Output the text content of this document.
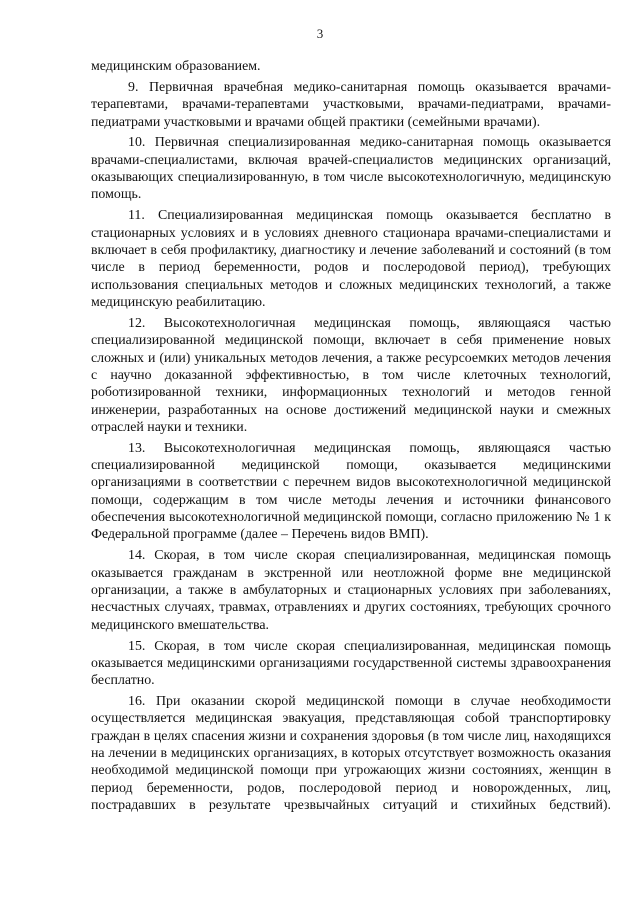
3

медицинским образованием.

9. Первичная врачебная медико-санитарная помощь оказывается врачами-терапевтами, врачами-терапевтами участковыми, врачами-педиатрами, врачами-педиатрами участковыми и врачами общей практики (семейными врачами).

10. Первичная специализированная медико-санитарная помощь оказывается врачами-специалистами, включая врачей-специалистов медицинских организаций, оказывающих специализированную, в том числе высокотехнологичную, медицинскую помощь.

11. Специализированная медицинская помощь оказывается бесплатно в стационарных условиях и в условиях дневного стационара врачами-специалистами и включает в себя профилактику, диагностику и лечение заболеваний и состояний (в том числе в период беременности, родов и послеродовой период), требующих использования специальных методов и сложных медицинских технологий, а также медицинскую реабилитацию.

12. Высокотехнологичная медицинская помощь, являющаяся частью специализированной медицинской помощи, включает в себя применение новых сложных и (или) уникальных методов лечения, а также ресурсоемких методов лечения с научно доказанной эффективностью, в том числе клеточных технологий, роботизированной техники, информационных технологий и методов генной инженерии, разработанных на основе достижений медицинской науки и смежных отраслей науки и техники.

13. Высокотехнологичная медицинская помощь, являющаяся частью специализированной медицинской помощи, оказывается медицинскими организациями в соответствии с перечнем видов высокотехнологичной медицинской помощи, содержащим в том числе методы лечения и источники финансового обеспечения высокотехнологичной медицинской помощи, согласно приложению № 1 к Федеральной программе (далее – Перечень видов ВМП).

14. Скорая, в том числе скорая специализированная, медицинская помощь оказывается гражданам в экстренной или неотложной форме вне медицинской организации, а также в амбулаторных и стационарных условиях при заболеваниях, несчастных случаях, травмах, отравлениях и других состояниях, требующих срочного медицинского вмешательства.

15. Скорая, в том числе скорая специализированная, медицинская помощь оказывается медицинскими организациями государственной системы здравоохранения бесплатно.

16. При оказании скорой медицинской помощи в случае необходимости осуществляется медицинская эвакуация, представляющая собой транспортировку граждан в целях спасения жизни и сохранения здоровья (в том числе лиц, находящихся на лечении в медицинских организациях, в которых отсутствует возможность оказания необходимой медицинской помощи при угрожающих жизни состояниях, женщин в период беременности, родов, послеродовой период и новорожденных, лиц, пострадавших в результате чрезвычайных ситуаций и стихийных бедствий).
